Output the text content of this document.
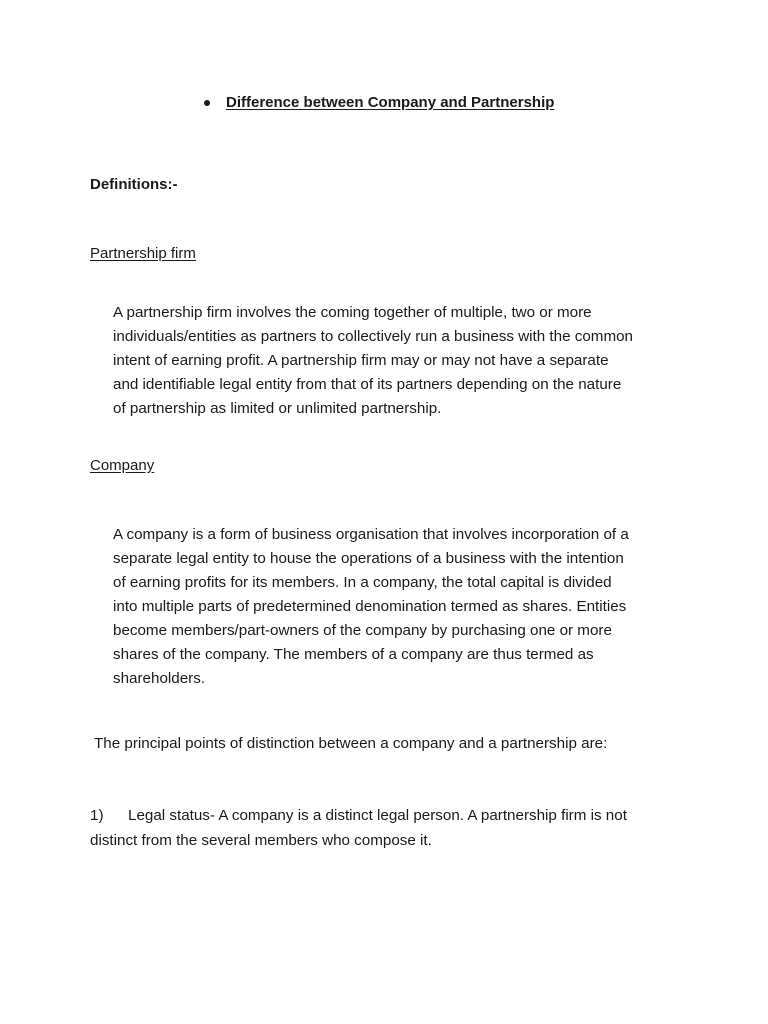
Difference between Company and Partnership
Definitions:-
Partnership firm

A partnership firm involves the coming together of multiple, two or more
individuals/entities as partners to collectively run a business with the common
intent of earning profit. A partnership firm may or may not have a separate
and identifiable legal entity from that of its partners depending on the nature
of partnership as limited or unlimited partnership.

Company

A company is a form of business organisation that involves incorporation of a
separate legal entity to house the operations of a business with the intention
of earning profits for its members. In a company, the total capital is divided
into multiple parts of predetermined denomination termed as shares. Entities
become members/part-owners of the company by purchasing one or more
shares of the company. The members of a company are thus termed as
shareholders.

The principal points of distinction between a company and a partnership are:
1) Legal status- A company is a distinct legal person. A partnership firm is not
distinct from the several members who compose it.
